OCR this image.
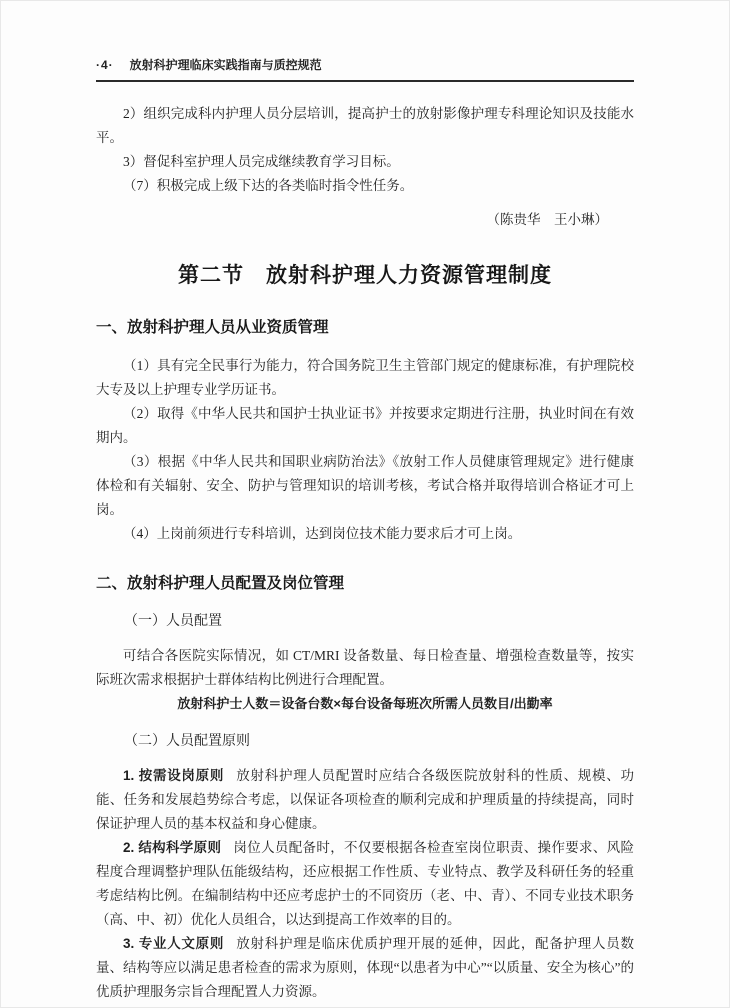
·4· 放射科护理临床实践指南与质控规范

2）组织完成科内护理人员分层培训，提高护士的放射影像护理专科理论知识及技能水平。

3）督促科室护理人员完成继续教育学习目标。

（7）积极完成上级下达的各类临时指令性任务。

（陈贵华　王小琳）

第二节　放射科护理人力资源管理制度
一、放射科护理人员从业资质管理

（1）具有完全民事行为能力，符合国务院卫生主管部门规定的健康标准，有护理院校大专及以上护理专业学历证书。

（2）取得《中华人民共和国护士执业证书》并按要求定期进行注册，执业时间在有效期内。

（3）根据《中华人民共和国职业病防治法》《放射工作人员健康管理规定》进行健康体检和有关辐射、安全、防护与管理知识的培训考核，考试合格并取得培训合格证才可上岗。

（4）上岗前须进行专科培训，达到岗位技术能力要求后才可上岗。

二、放射科护理人员配置及岗位管理
（一）人员配置

可结合各医院实际情况，如 CT/MRI 设备数量、每日检查量、增强检查数量等，按实际班次需求根据护士群体结构比例进行合理配置。

放射科护士人数＝设备台数×每台设备每班次所需人员数目/出勤率

（二）人员配置原则

1. 按需设岗原则 放射科护理人员配置时应结合各级医院放射科的性质、规模、功能、任务和发展趋势综合考虑，以保证各项检查的顺利完成和护理质量的持续提高，同时保证护理人员的基本权益和身心健康。

2. 结构科学原则 岗位人员配备时，不仅要根据各检查室岗位职责、操作要求、风险程度合理调整护理队伍能级结构，还应根据工作性质、专业特点、教学及科研任务的轻重考虑结构比例。在编制结构中还应考虑护士的不同资历（老、中、青）、不同专业技术职务（高、中、初）优化人员组合，以达到提高工作效率的目的。

3. 专业人文原则 放射科护理是临床优质护理开展的延伸，因此，配备护理人员数量、结构等应以满足患者检查的需求为原则，体现“以患者为中心”“以质量、安全为核心”的优质护理服务宗旨合理配置人力资源。
